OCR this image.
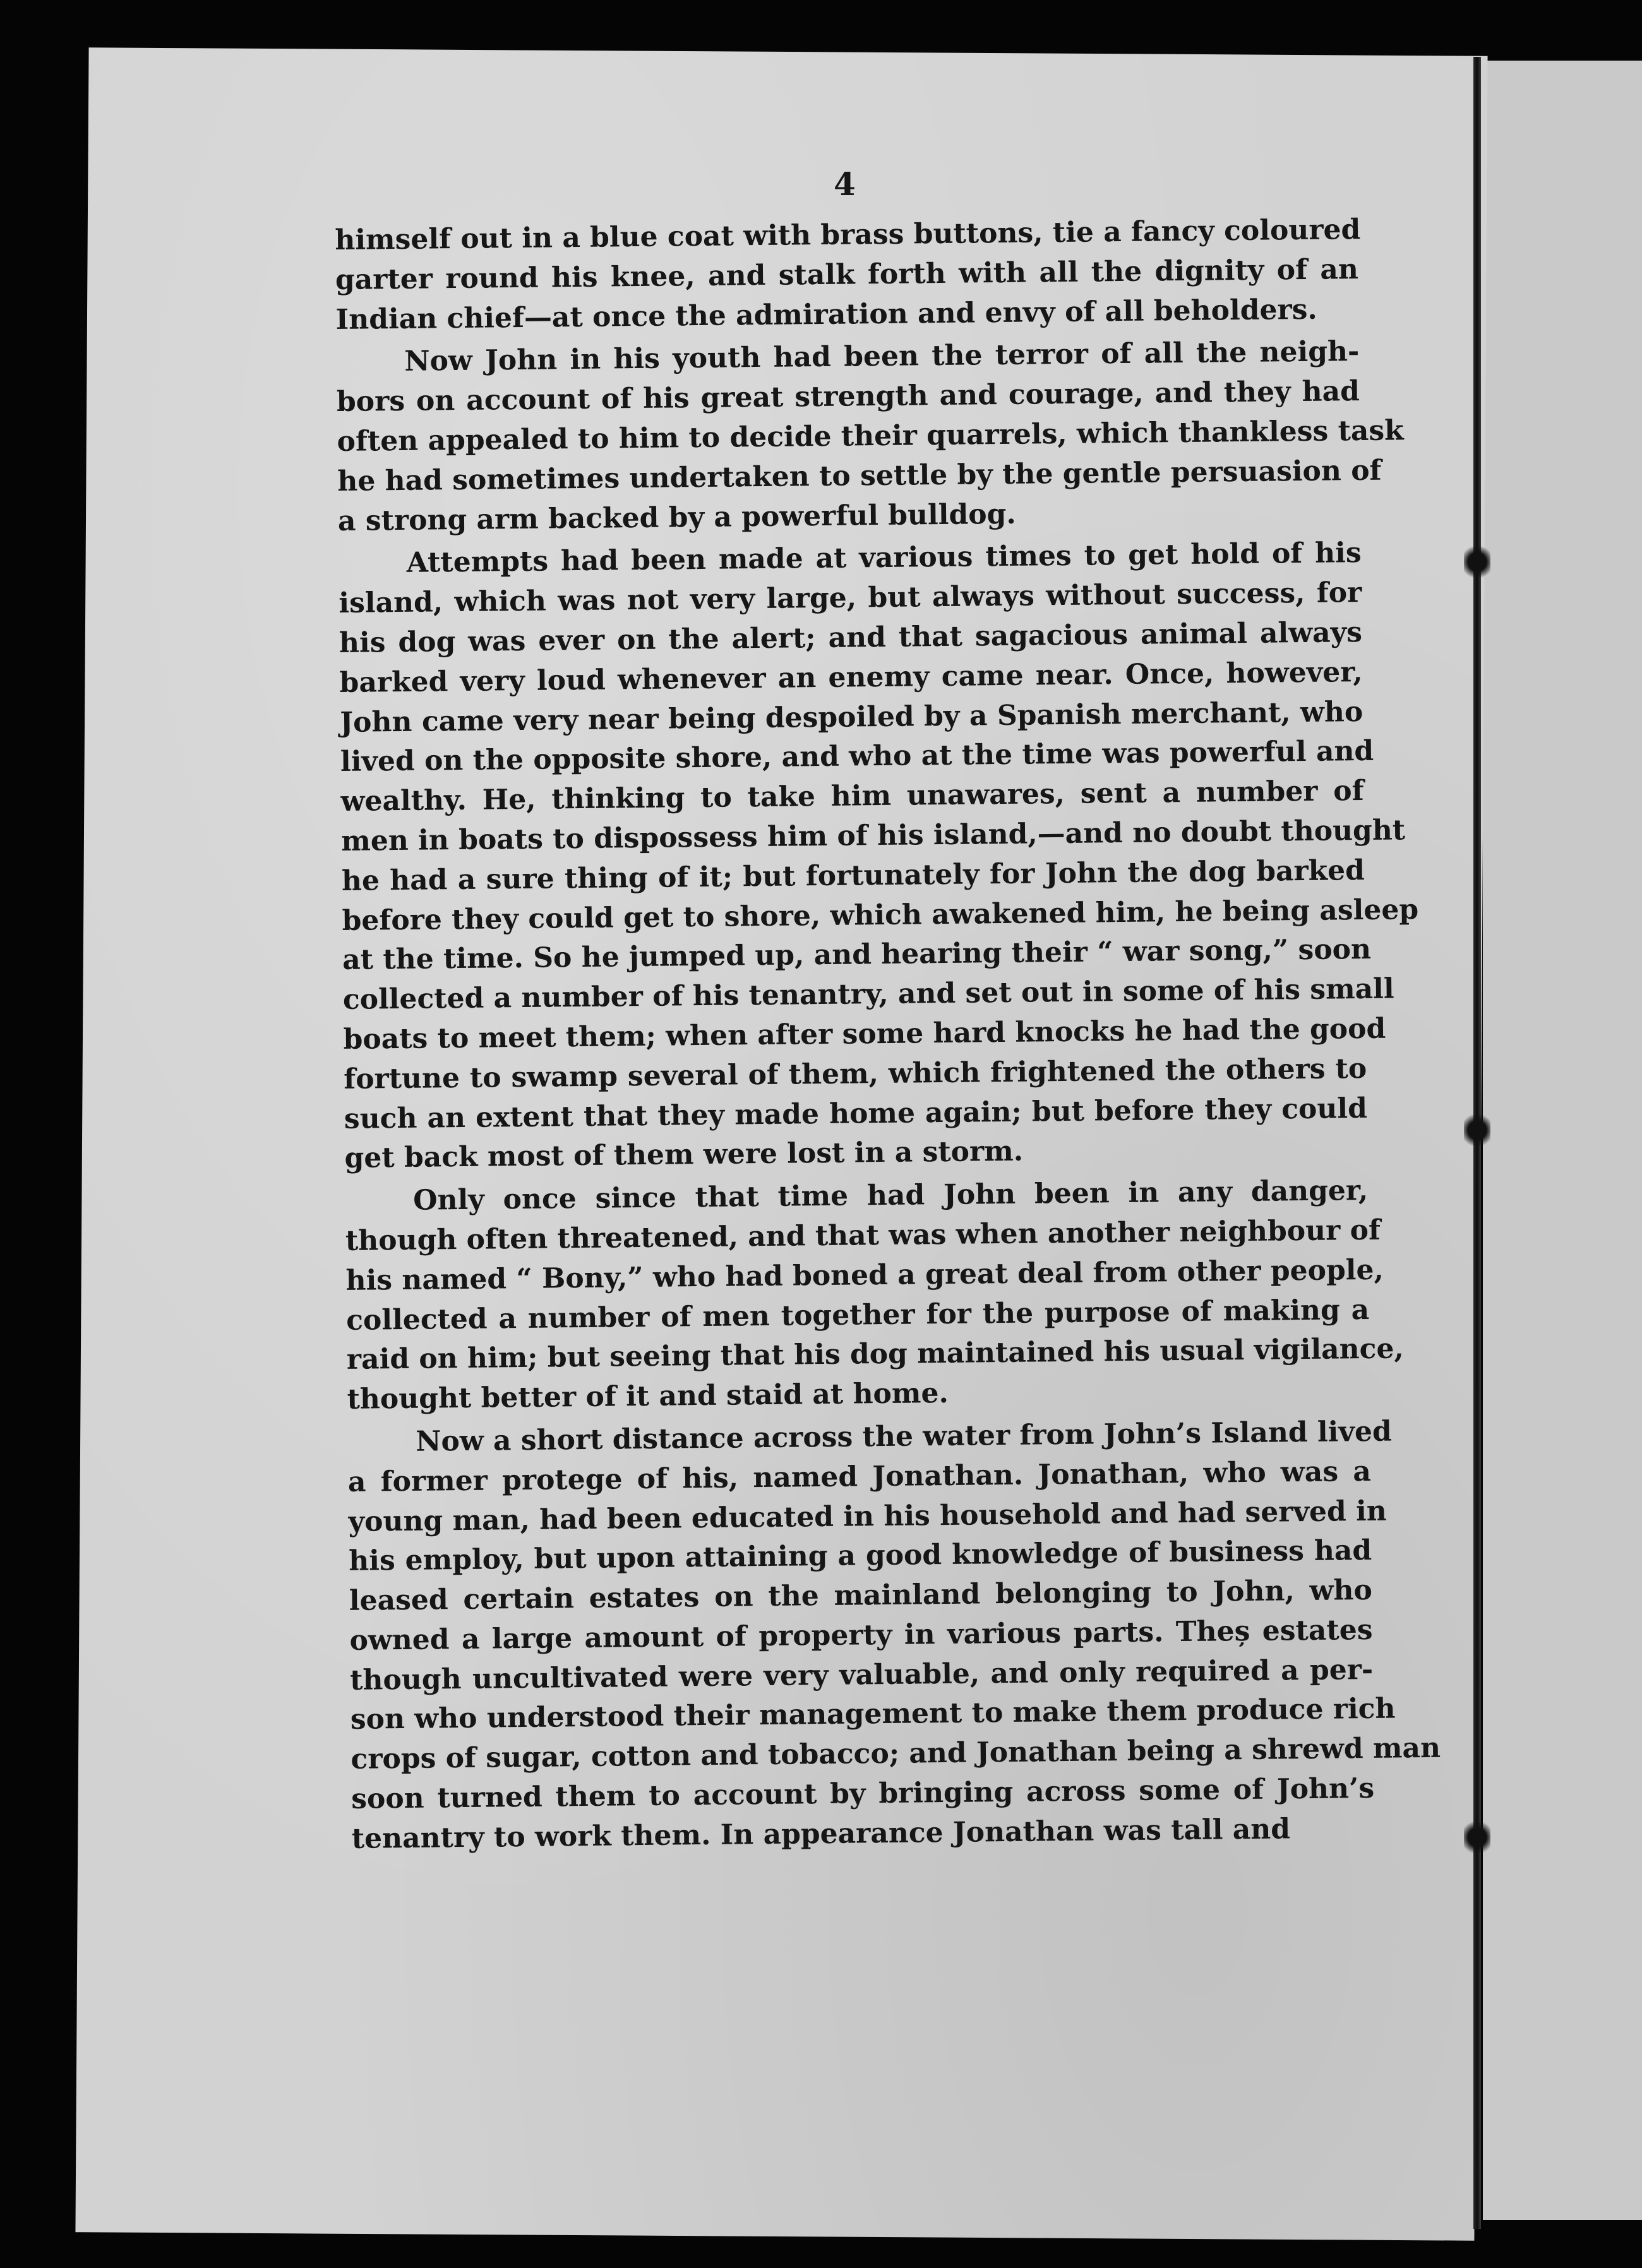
4
himself out in a blue coat with brass buttons, tie a fancy coloured
garter round his knee, and stalk forth with all the dignity of an
Indian chief—at once the admiration and envy of all beholders.
Now John in his youth had been the terror of all the neigh-
bors on account of his great strength and courage, and they had
often appealed to him to decide their quarrels, which thankless task
he had sometimes undertaken to settle by the gentle persuasion of
a strong arm backed by a powerful bulldog.
Attempts had been made at various times to get hold of his
island, which was not very large, but always without success, for
his dog was ever on the alert; and that sagacious animal always
barked very loud whenever an enemy came near. Once, however,
John came very near being despoiled by a Spanish merchant, who
lived on the opposite shore, and who at the time was powerful and
wealthy. He, thinking to take him unawares, sent a number of
men in boats to dispossess him of his island,—and no doubt thought
he had a sure thing of it; but fortunately for John the dog barked
before they could get to shore, which awakened him, he being asleep
at the time. So he jumped up, and hearing their “ war song,” soon
collected a number of his tenantry, and set out in some of his small
boats to meet them; when after some hard knocks he had the good
fortune to swamp several of them, which frightened the others to
such an extent that they made home again; but before they could
get back most of them were lost in a storm.
Only once since that time had John been in any danger,
though often threatened, and that was when another neighbour of
his named “ Bony,” who had boned a great deal from other people,
collected a number of men together for the purpose of making a
raid on him; but seeing that his dog maintained his usual vigilance,
thought better of it and staid at home.
Now a short distance across the water from John’s Island lived
a former protege of his, named Jonathan. Jonathan, who was a
young man, had been educated in his household and had served in
his employ, but upon attaining a good knowledge of business had
leased certain estates on the mainland belonging to John, who
owned a large amount of property in various parts. Theș estates
though uncultivated were very valuable, and only required a per-
son who understood their management to make them produce rich
crops of sugar, cotton and tobacco; and Jonathan being a shrewd man
soon turned them to account by bringing across some of John’s
tenantry to work them. In appearance Jonathan was tall and
